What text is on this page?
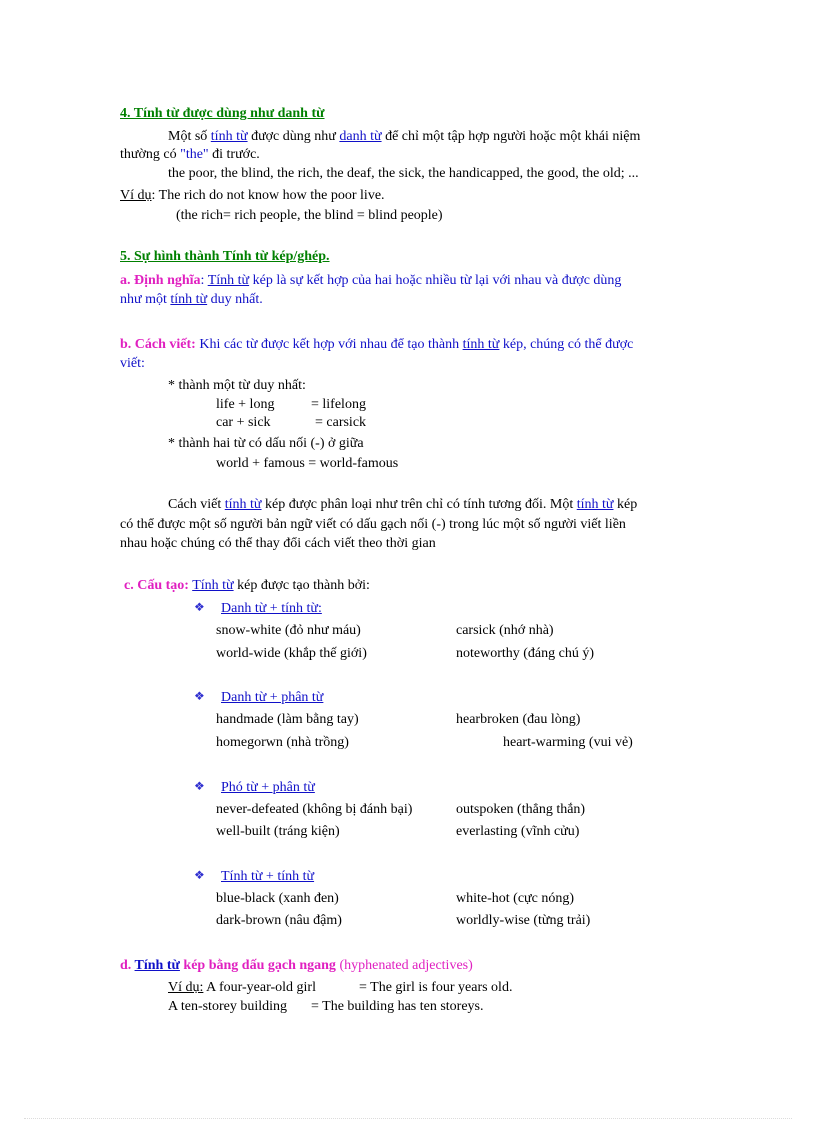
4. Tính từ được dùng như danh từ
Một số tính từ được dùng như danh từ để chỉ một tập hợp người hoặc một khái niệm
thường có "the" đi trước.
the poor, the blind, the rich, the deaf, the sick, the handicapped, the good, the old; ...
Ví dụ: The rich do not know how the poor live.
(the rich= rich people, the blind = blind people)
5. Sự hình thành Tính từ kép/ghép.
a. Định nghĩa: Tính từ kép là sự kết hợp của hai hoặc nhiều từ lại với nhau và được dùng
như một tính từ duy nhất.
b. Cách viết: Khi các từ được kết hợp với nhau để tạo thành tính từ kép, chúng có thể được
viết:
* thành một từ duy nhất:
life + long	= lifelong
car + sick	= carsick
* thành hai từ có dấu nối (-) ở giữa
world + famous = world-famous
Cách viết tính từ kép được phân loại như trên chỉ có tính tương đối. Một tính từ kép
có thể được một số người bản ngữ viết có dấu gạch nối (-) trong lúc một số người viết liền
nhau hoặc chúng có thể thay đổi cách viết theo thời gian
c. Cấu tạo: Tính từ kép được tạo thành bởi:
❖ Danh từ + tính từ:
snow-white (đỏ như máu)	carsick (nhớ nhà)
world-wide (khắp thế giới)	noteworthy (đáng chú ý)
❖ Danh từ + phân từ
handmade (làm bằng tay)	hearbroken (đau lòng)
homegorwn (nhà trồng)	heart-warming (vui vẻ)
❖ Phó từ + phân từ
never-defeated (không bị đánh bại)	outspoken (thẳng thắn)
well-built (tráng kiện)	everlasting (vĩnh cửu)
❖ Tính từ + tính từ
blue-black (xanh đen)	white-hot (cực nóng)
dark-brown (nâu đậm)	worldly-wise (từng trải)
d. Tính từ kép bằng dấu gạch ngang (hyphenated adjectives)
Ví dụ: A four-year-old girl	= The girl is four years old.
A ten-storey building = The building has ten storeys.
